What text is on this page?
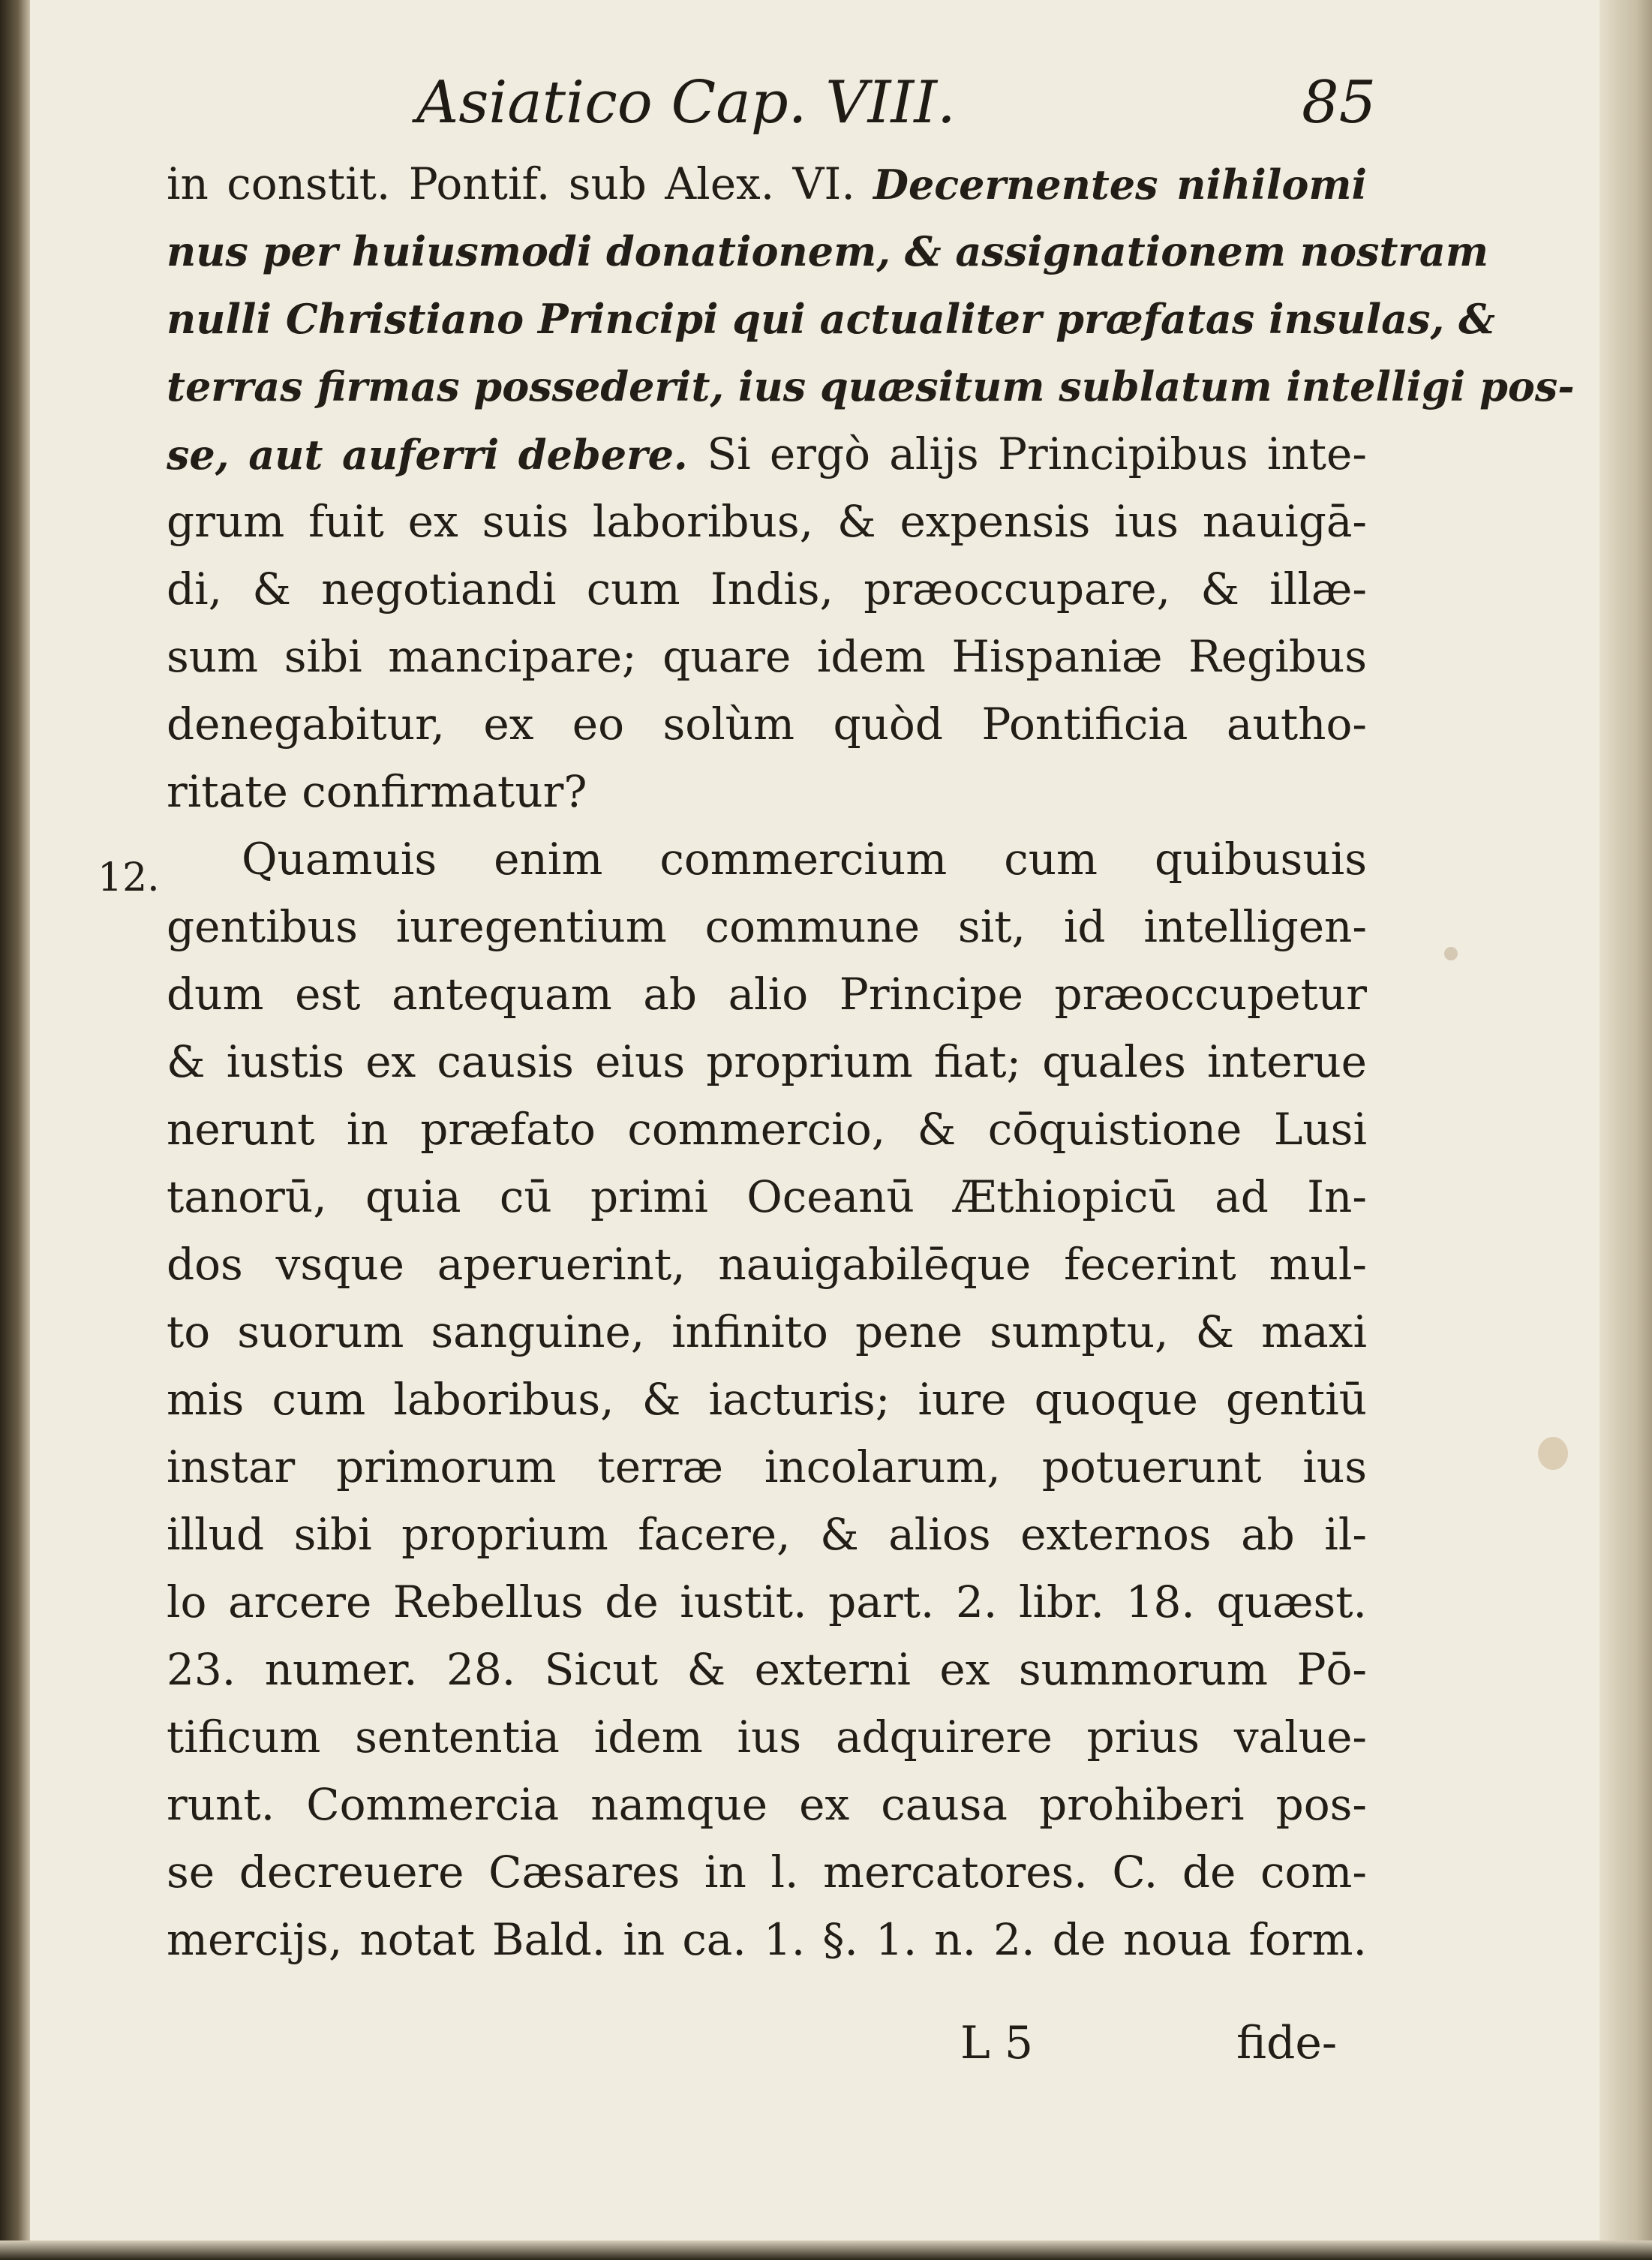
Asiatico Cap. VIII.	85
12.
in constit. Pontif. sub Alex. VI. Decernentes nihilomi
nus per huiusmodi donationem, & assignationem nostram
nulli Christiano Principi qui actualiter præfatas insulas, &
terras firmas possederit, ius quæsitum sublatum intelligi pos-
se, aut auferri debere. Si ergò alijs Principibus inte-
grum fuit ex suis laboribus, & expensis ius nauigā-
di, & negotiandi cum Indis, præoccupare, & illæ-
sum sibi mancipare; quare idem Hispaniæ Regibus
denegabitur, ex eo solùm quòd Pontificia autho-
ritate confirmatur?
Quamuis enim commercium cum quibusuis
gentibus iuregentium commune sit, id intelligen-
dum est antequam ab alio Principe præoccupetur
& iustis ex causis eius proprium fiat; quales interue
nerunt in præfato commercio, & cōquistione Lusi
tanorū, quia cū primi Oceanū Æthiopicū ad In-
dos vsque aperuerint, nauigabilēque fecerint mul-
to suorum sanguine, infinito pene sumptu, & maxi
mis cum laboribus, & iacturis; iure quoque gentiū
instar primorum terræ incolarum, potuerunt ius
illud sibi proprium facere, & alios externos ab il-
lo arcere Rebellus de iustit. part. 2. libr. 18. quæst.
23. numer. 28. Sicut & externi ex summorum Pō-
tificum sententia idem ius adquirere prius value-
runt. Commercia namque ex causa prohiberi pos-
se decreuere Cæsares in l. mercatores. C. de com-
mercijs, notat Bald. in ca. 1. §. 1. n. 2. de noua form.
L 5	fide-
